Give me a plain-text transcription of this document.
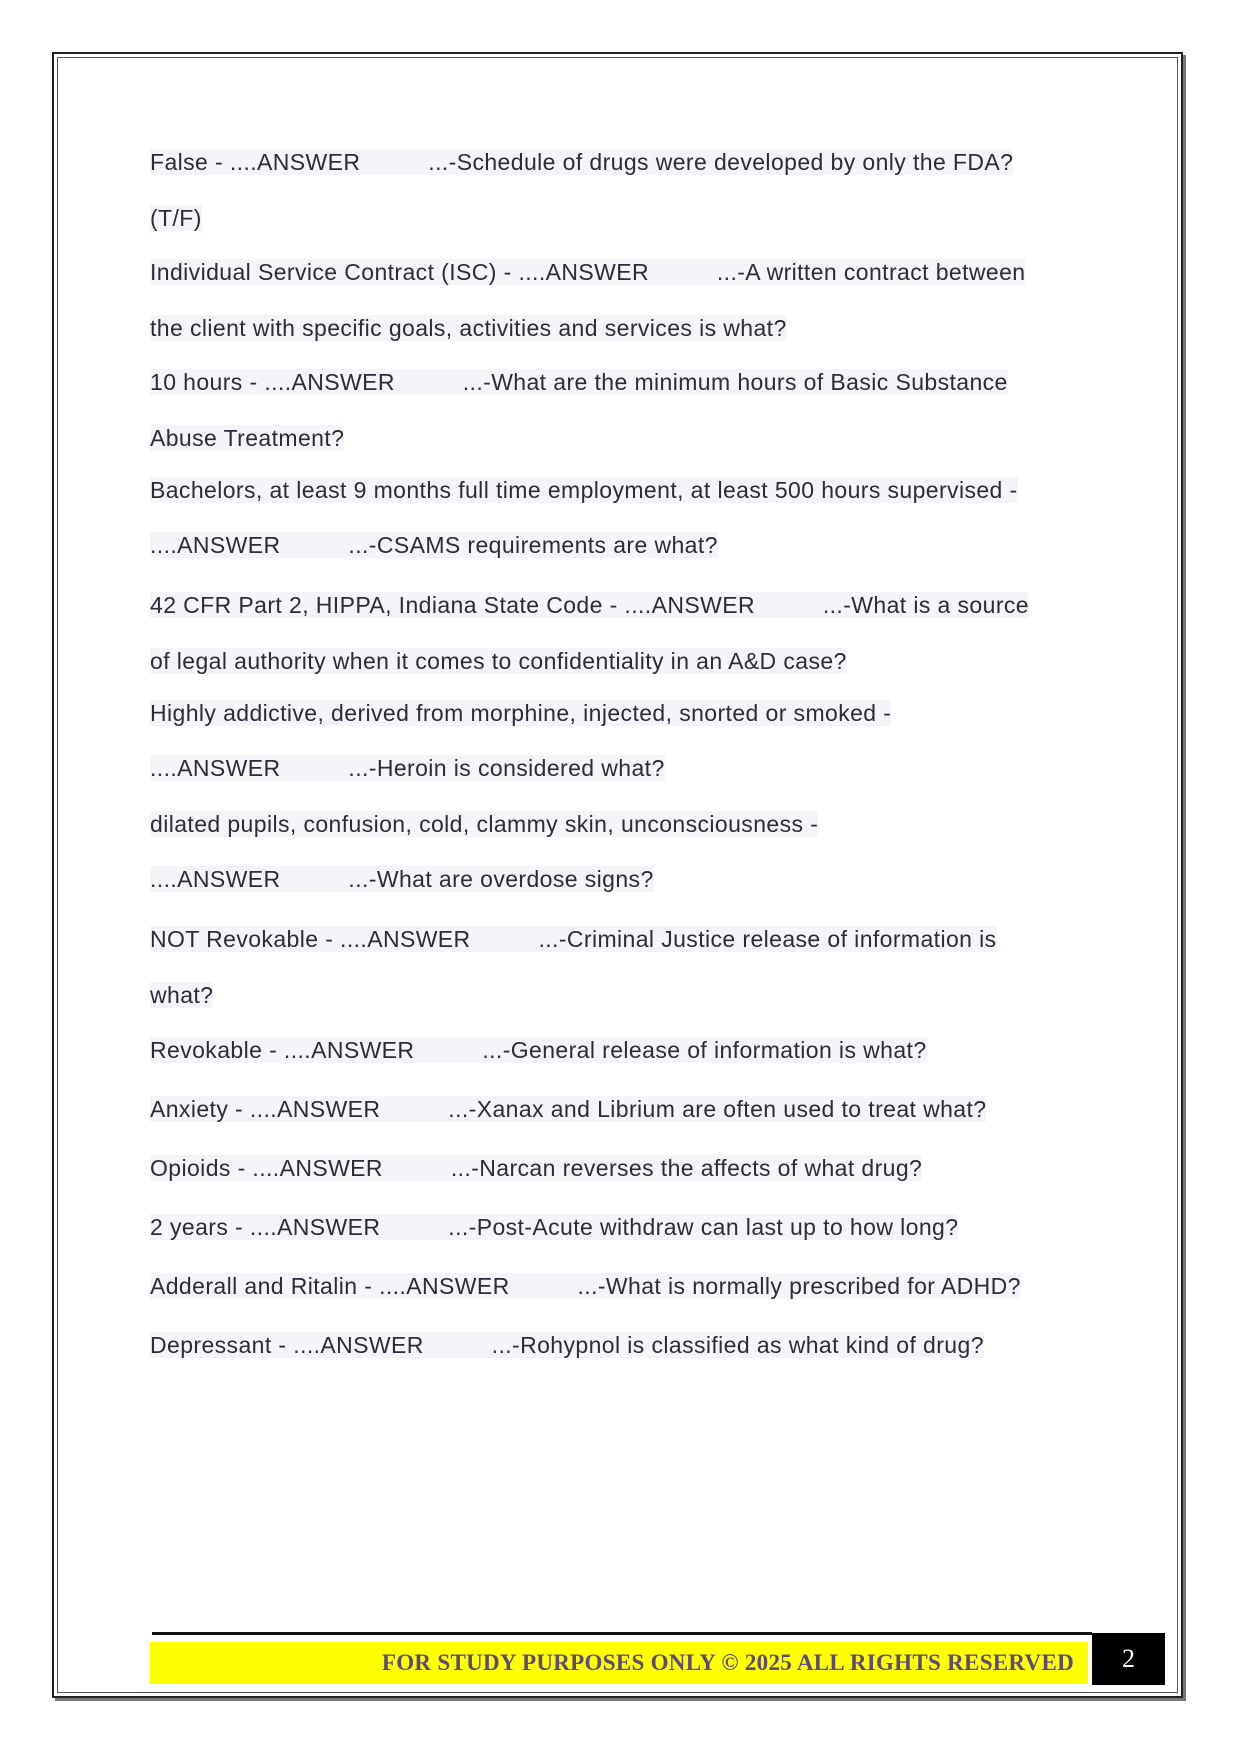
False - ....ANSWER          ...-Schedule of drugs were developed by only the FDA?
(T/F)
Individual Service Contract (ISC) - ....ANSWER          ...-A written contract between
the client with specific goals, activities and services is what?
10 hours - ....ANSWER          ...-What are the minimum hours of Basic Substance
Abuse Treatment?
Bachelors, at least 9 months full time employment, at least 500 hours supervised -
....ANSWER          ...-CSAMS requirements are what?
42 CFR Part 2, HIPPA, Indiana State Code - ....ANSWER          ...-What is a source
of legal authority when it comes to confidentiality in an A&D case?
Highly addictive, derived from morphine, injected, snorted or smoked -
....ANSWER          ...-Heroin is considered what?
dilated pupils, confusion, cold, clammy skin, unconsciousness -
....ANSWER          ...-What are overdose signs?
NOT Revokable - ....ANSWER          ...-Criminal Justice release of information is
what?
Revokable - ....ANSWER          ...-General release of information is what?
Anxiety - ....ANSWER          ...-Xanax and Librium are often used to treat what?
Opioids - ....ANSWER          ...-Narcan reverses the affects of what drug?
2 years - ....ANSWER          ...-Post-Acute withdraw can last up to how long?
Adderall and Ritalin - ....ANSWER          ...-What is normally prescribed for ADHD?
Depressant - ....ANSWER          ...-Rohypnol is classified as what kind of drug?
FOR STUDY PURPOSES ONLY © 2025 ALL RIGHTS RESERVED	2
